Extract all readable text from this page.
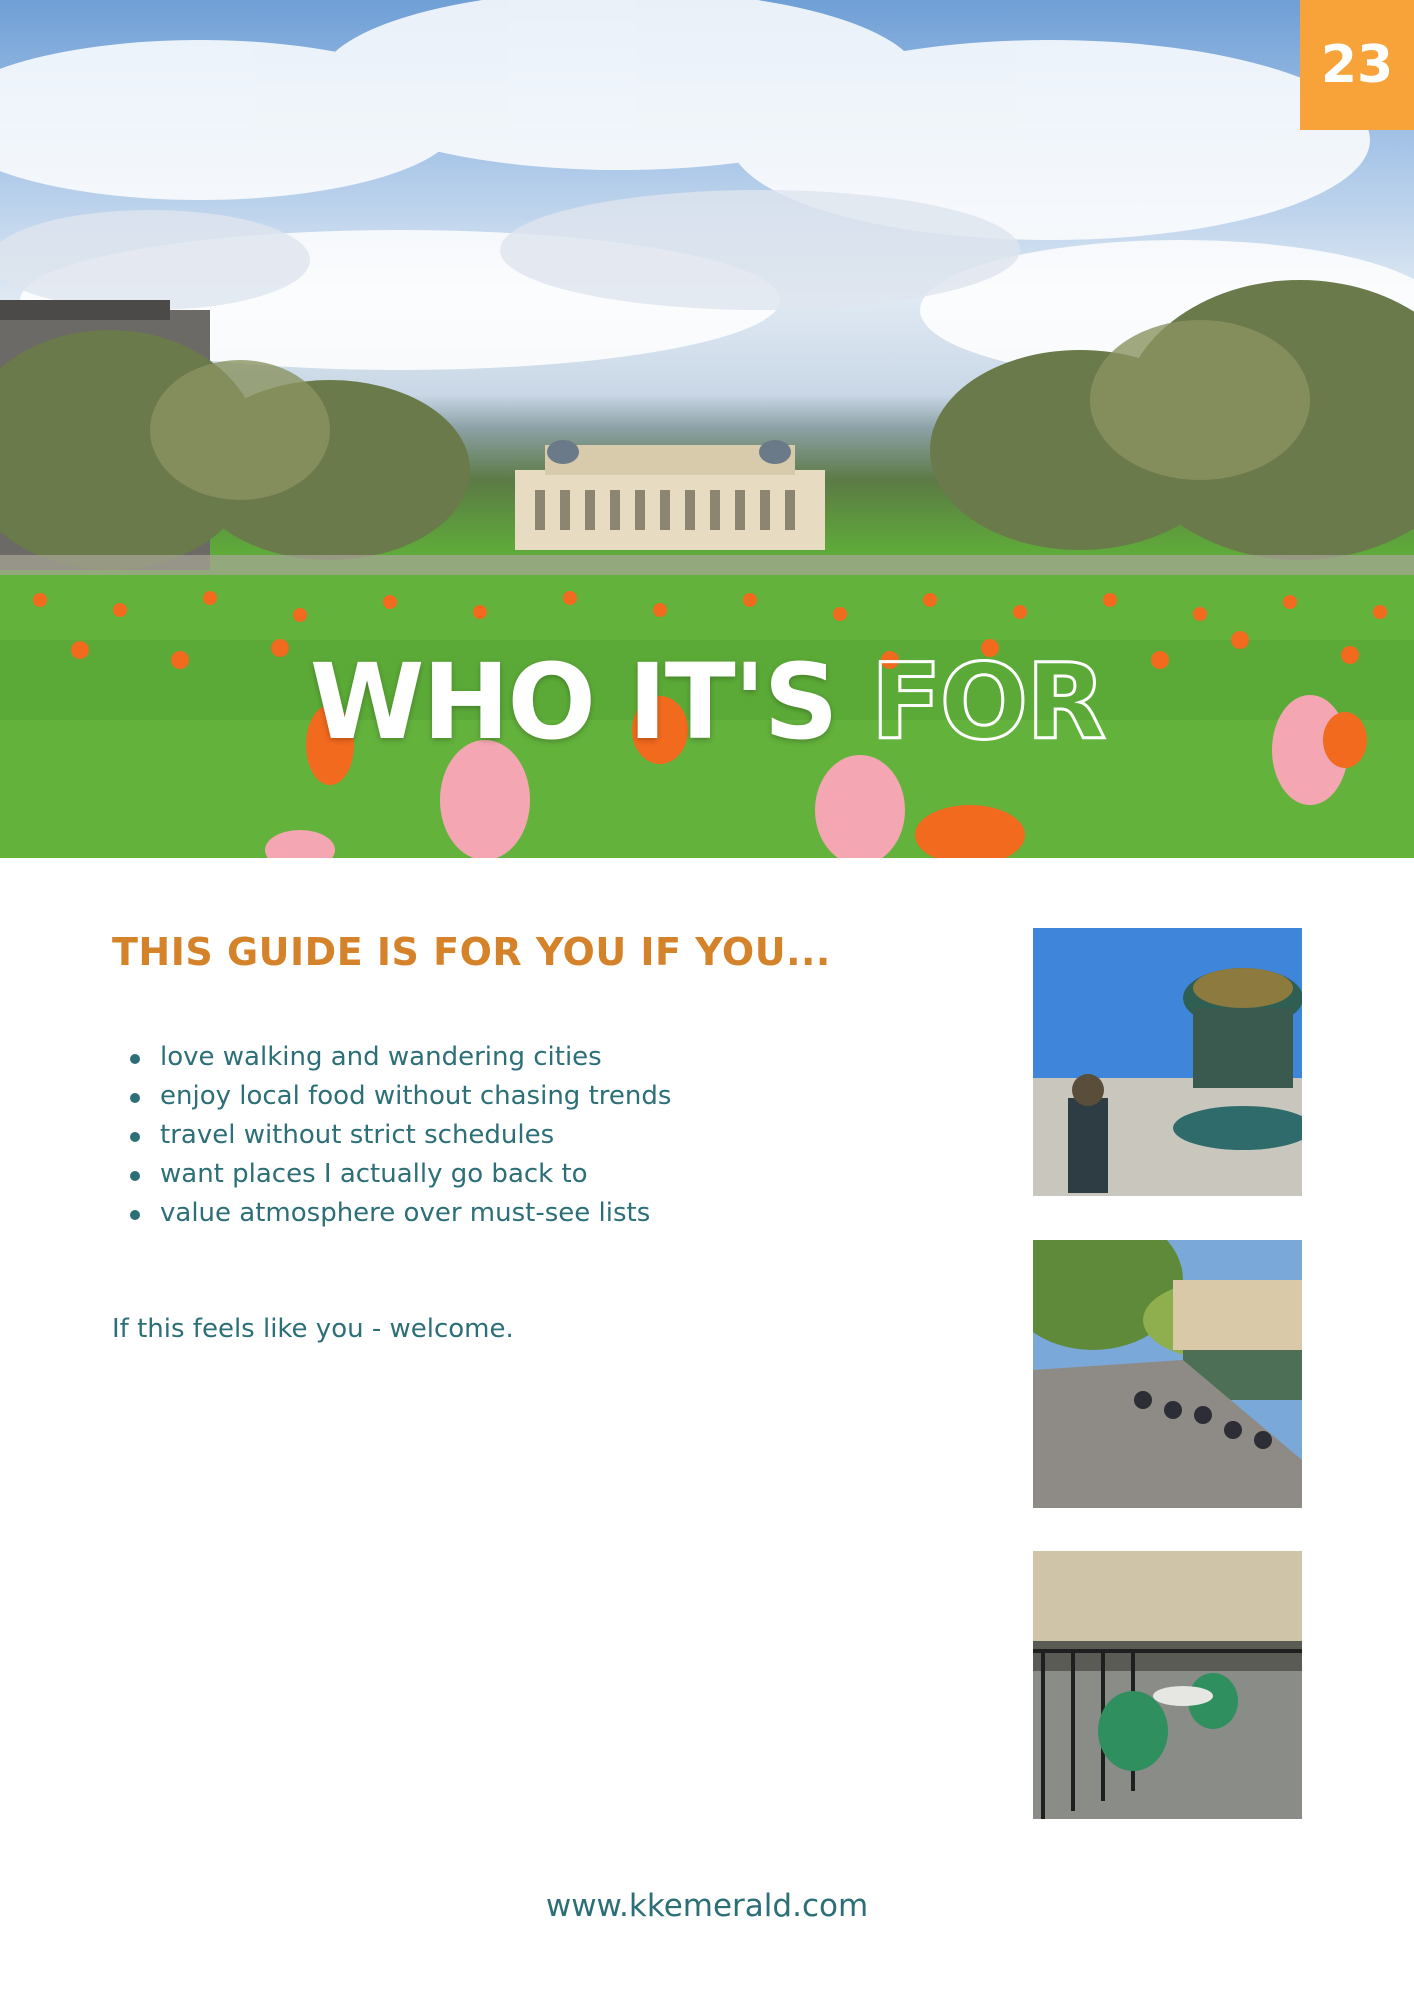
WHO IT'S FOR
23
THIS GUIDE IS FOR YOU IF YOU...
love walking and wandering cities
enjoy local food without chasing trends
travel without strict schedules
want places I actually go back to
value atmosphere over must-see lists
If this feels like you - welcome.
www.kkemerald.com
